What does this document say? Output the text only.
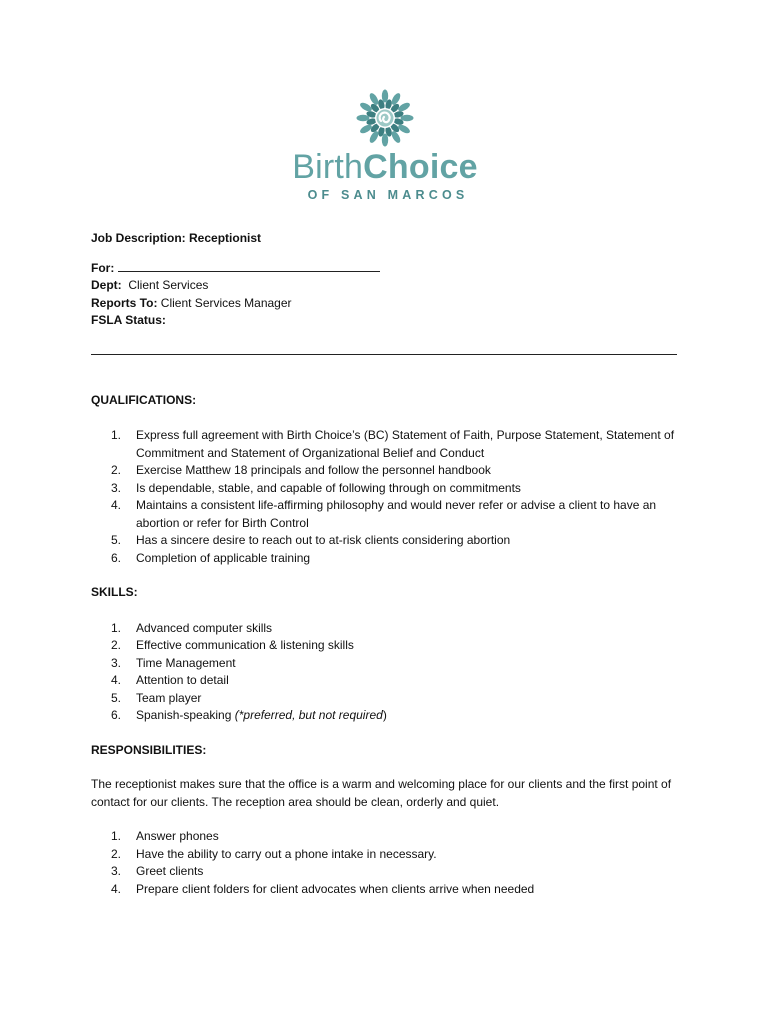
BirthChoice
OF SAN MARCOS

Job Description: Receptionist

For:

Dept: Client Services

Reports To: Client Services Manager

FSLA Status:

QUALIFICATIONS:

1.	Express full agreement with Birth Choice’s (BC) Statement of Faith, Purpose Statement, Statement of Commitment and Statement of Organizational Belief and Conduct
2.	Exercise Matthew 18 principals and follow the personnel handbook
3.	Is dependable, stable, and capable of following through on commitments
4.	Maintains a consistent life-affirming philosophy and would never refer or advise a client to have an abortion or refer for Birth Control
5.	Has a sincere desire to reach out to at-risk clients considering abortion
6.	Completion of applicable training

SKILLS:

1.	Advanced computer skills
2.	Effective communication & listening skills
3.	Time Management
4.	Attention to detail
5.	Team player
6.	Spanish-speaking (*preferred, but not required)

RESPONSIBILITIES:

The receptionist makes sure that the office is a warm and welcoming place for our clients and the first point of contact for our clients. The reception area should be clean, orderly and quiet.

1.	Answer phones
2.	Have the ability to carry out a phone intake in necessary.
3.	Greet clients
4.	Prepare client folders for client advocates when clients arrive when needed
